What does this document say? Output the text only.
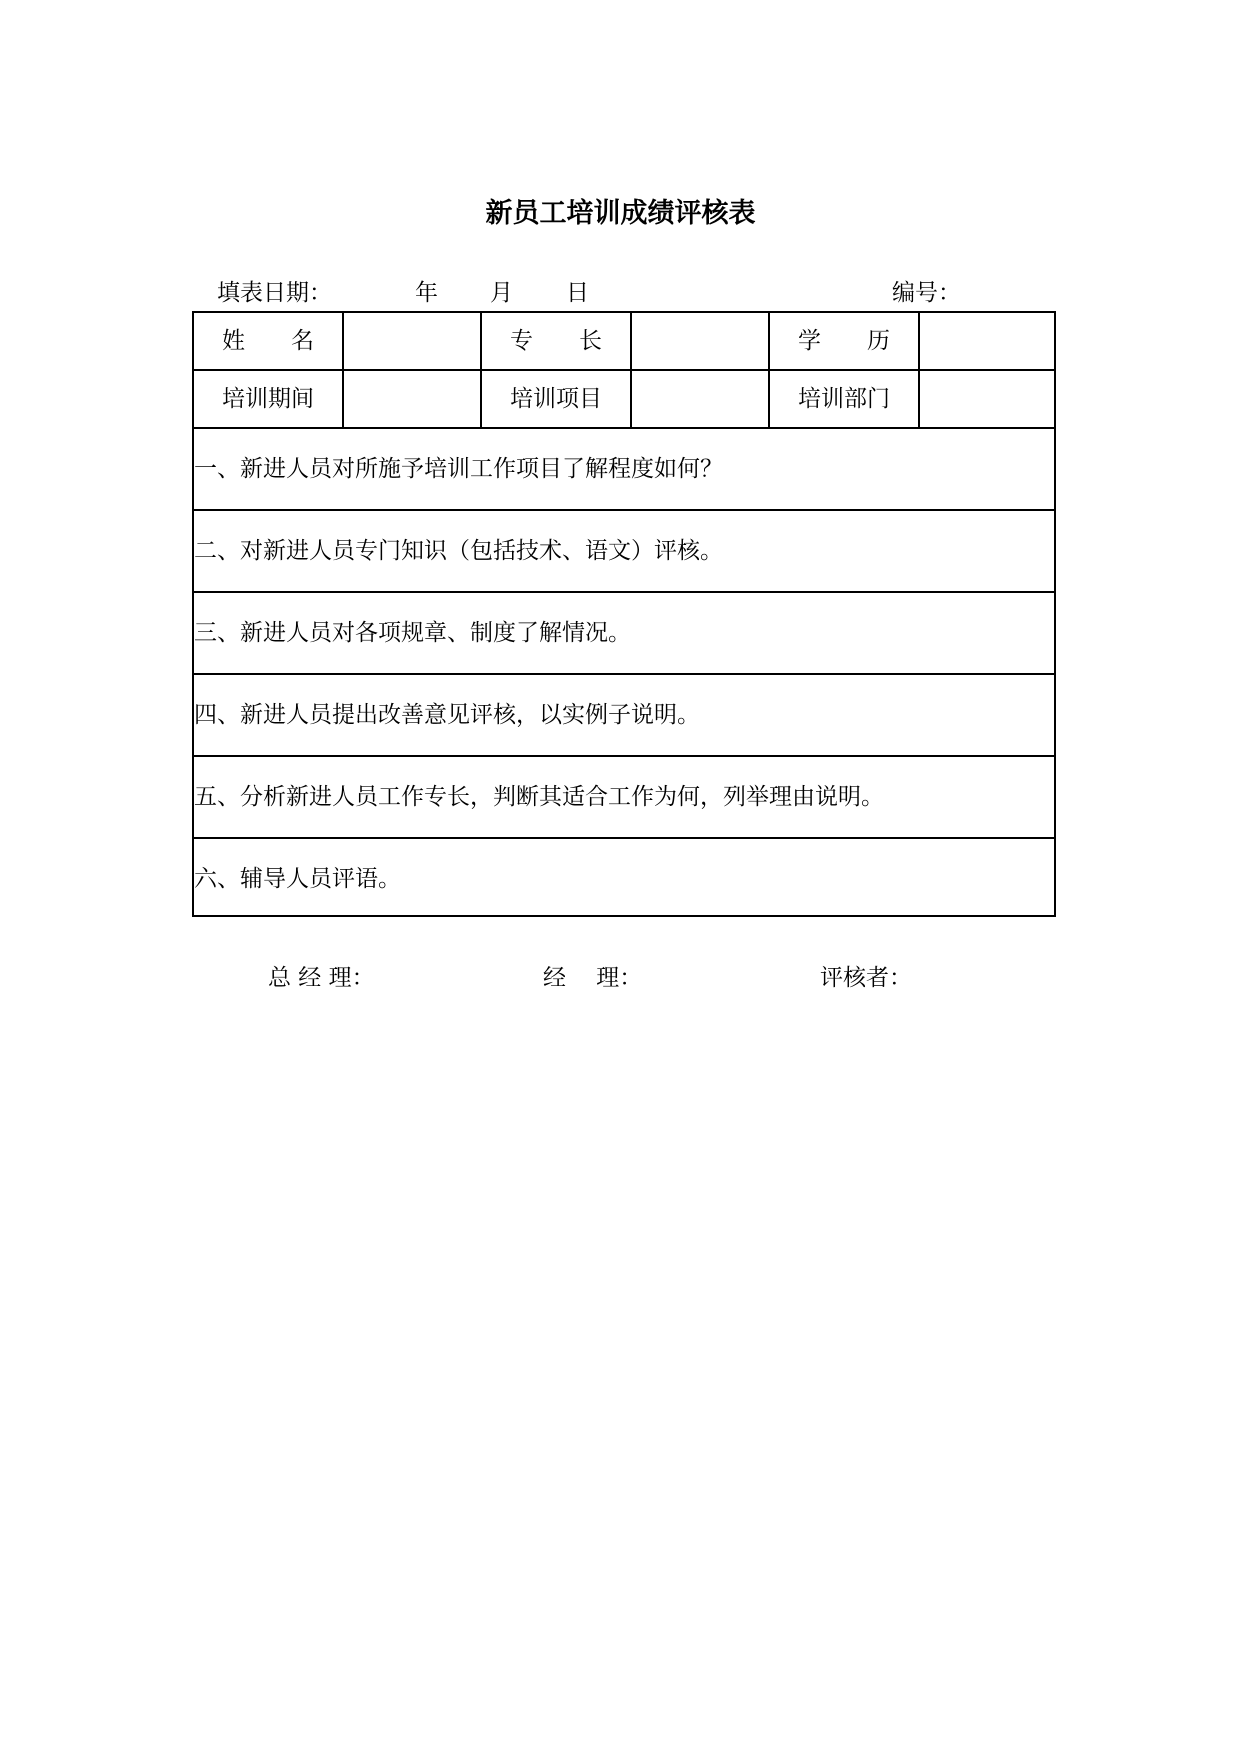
新员工培训成绩评核表
填表日期：	年 月 日	编号：
姓　　名	专　　长	学　　历
培训期间	培训项目	培训部门
一、新进人员对所施予培训工作项目了解程度如何？
二、对新进人员专门知识（包括技术、语文）评核。
三、新进人员对各项规章、制度了解情况。
四、新进人员提出改善意见评核，以实例子说明。
五、分析新进人员工作专长，判断其适合工作为何，列举理由说明。
六、辅导人员评语。
总 经 理：	经　 理：	评核者：
